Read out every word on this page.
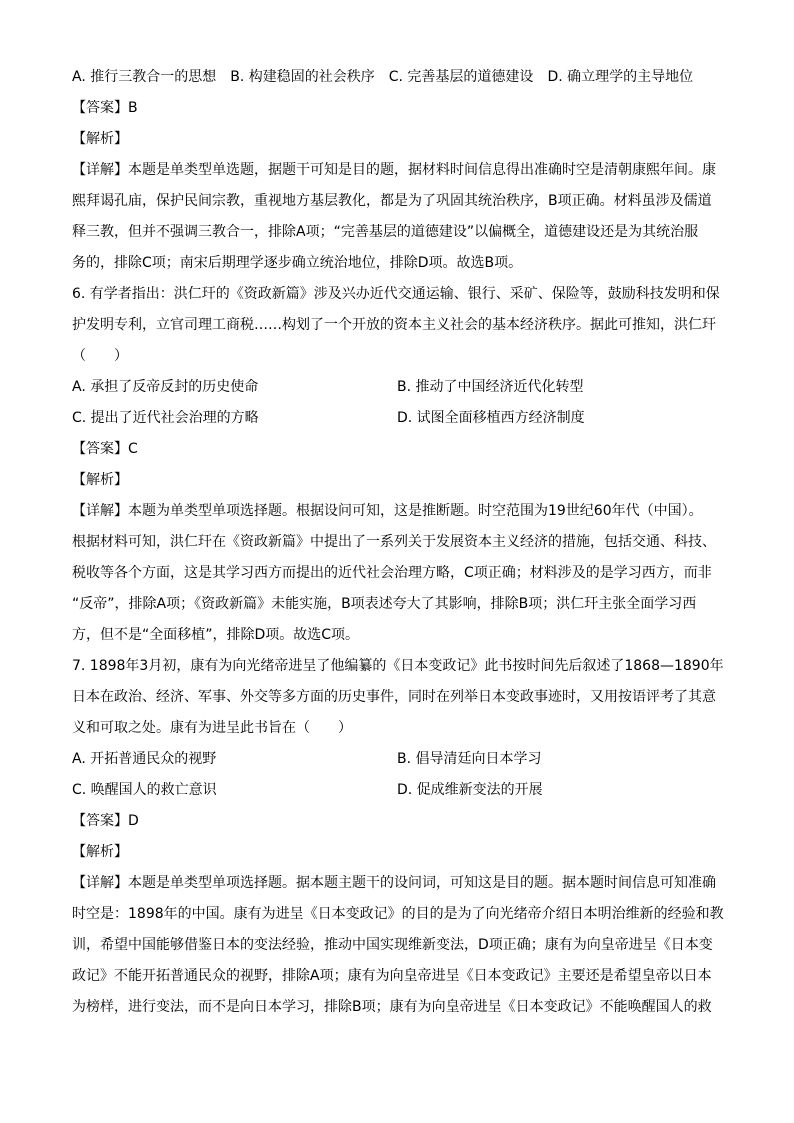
A. 推行三教合一的思想 B. 构建稳固的社会秩序 C. 完善基层的道德建设 D. 确立理学的主导地位
【答案】B
【解析】
【详解】本题是单类型单选题，据题干可知是目的题，据材料时间信息得出准确时空是清朝康熙年间。康
熙拜谒孔庙，保护民间宗教，重视地方基层教化，都是为了巩固其统治秩序，B项正确。材料虽涉及儒道
释三教，但并不强调三教合一，排除A项；“完善基层的道德建设”以偏概全，道德建设还是为其统治服
务的，排除C项；南宋后期理学逐步确立统治地位，排除D项。故选B项。
6. 有学者指出：洪仁玕的《资政新篇》涉及兴办近代交通运输、银行、采矿、保险等，鼓励科技发明和保
护发明专利，立官司理工商税……构划了一个开放的资本主义社会的基本经济秩序。据此可推知，洪仁玕
（　　）
A. 承担了反帝反封的历史使命	B. 推动了中国经济近代化转型
C. 提出了近代社会治理的方略	D. 试图全面移植西方经济制度
【答案】C
【解析】
【详解】本题为单类型单项选择题。根据设问可知，这是推断题。时空范围为19世纪60年代（中国）。
根据材料可知，洪仁玕在《资政新篇》中提出了一系列关于发展资本主义经济的措施，包括交通、科技、
税收等各个方面，这是其学习西方而提出的近代社会治理方略，C项正确；材料涉及的是学习西方，而非
“反帝”，排除A项；《资政新篇》未能实施，B项表述夸大了其影响，排除B项；洪仁玕主张全面学习西
方，但不是“全面移植”，排除D项。故选C项。
7. 1898年3月初，康有为向光绪帝进呈了他编纂的《日本变政记》此书按时间先后叙述了1868—1890年
日本在政治、经济、军事、外交等多方面的历史事件，同时在列举日本变政事迹时，又用按语评考了其意
义和可取之处。康有为进呈此书旨在（　　）
A. 开拓普通民众的视野	B. 倡导清廷向日本学习
C. 唤醒国人的救亡意识	D. 促成维新变法的开展
【答案】D
【解析】
【详解】本题是单类型单项选择题。据本题主题干的设问词，可知这是目的题。据本题时间信息可知准确
时空是：1898年的中国。康有为进呈《日本变政记》的目的是为了向光绪帝介绍日本明治维新的经验和教
训，希望中国能够借鉴日本的变法经验，推动中国实现维新变法，D项正确；康有为向皇帝进呈《日本变
政记》不能开拓普通民众的视野，排除A项；康有为向皇帝进呈《日本变政记》主要还是希望皇帝以日本
为榜样，进行变法，而不是向日本学习，排除B项；康有为向皇帝进呈《日本变政记》不能唤醒国人的救
